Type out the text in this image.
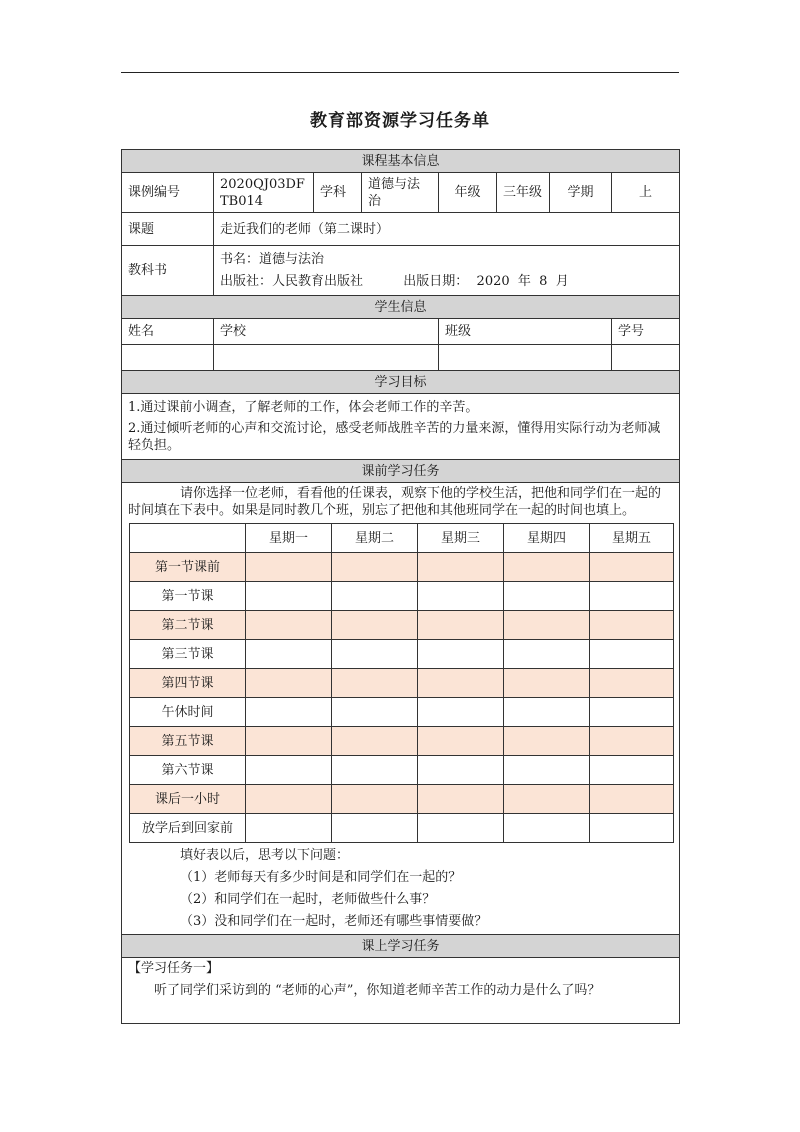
教育部资源学习任务单
课程基本信息
课例编号	2020QJ03DFTB014	学科	道德与法治	年级	三年级	学期	上
课题	走近我们的老师（第二课时）
教科书	
书名：道德与法治
出版社：人民教育出版社	出版日期：  2020  年  8  月

学生信息
姓名	学校	班级	学号

学习目标

1.通过课前小调查，了解老师的工作，体会老师工作的辛苦。
2.通过倾听老师的心声和交流讨论，感受老师战胜辛苦的力量来源，懂得用实际行动为老师减轻负担。

课前学习任务

请你选择一位老师，看看他的任课表，观察下他的学校生活，把他和同学们在一起的时间填在下表中。如果是同时教几个班，别忘了把他和其他班同学在一起的时间也填上。
	星期一	星期二	星期三	星期四	星期五
第一节课前					
第一节课					
第二节课					
第三节课					
第四节课					
午休时间					
第五节课					
第六节课					
课后一小时					
放学后到回家前					
填好表以后，思考以下问题：
（1）老师每天有多少时间是和同学们在一起的？
（2）和同学们在一起时，老师做些什么事？
（3）没和同学们在一起时，老师还有哪些事情要做？

课上学习任务

【学习任务一】
听了同学们采访到的 “老师的心声”，你知道老师辛苦工作的动力是什么了吗？
